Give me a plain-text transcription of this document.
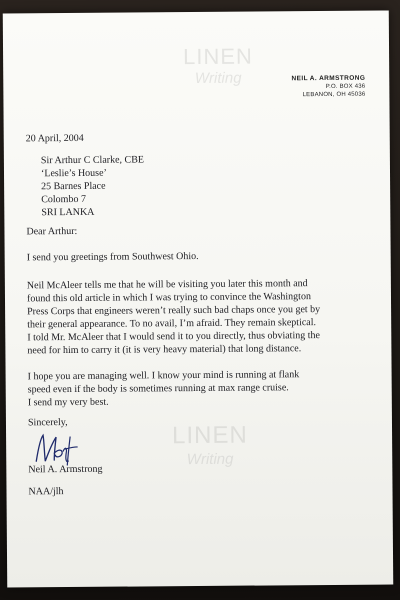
LINEN
Writing
LINEN
Writing
NEIL A. ARMSTRONG
P.O. BOX 436
LEBANON, OH 45036
20 April, 2004
Sir Arthur C Clarke, CBE
‘Leslie’s House’
25 Barnes Place
Colombo 7
SRI LANKA
Dear Arthur:
I send you greetings from Southwest Ohio.
Neil McAleer tells me that he will be visiting you later this month and
found this old article in which I was trying to convince the Washington
Press Corps that engineers weren’t really such bad chaps once you get by
their general appearance. To no avail, I’m afraid. They remain skeptical.
I told Mr. McAleer that I would send it to you directly, thus obviating the
need for him to carry it (it is very heavy material) that long distance.
I hope you are managing well. I know your mind is running at flank
speed even if the body is sometimes running at max range cruise.
I send my very best.
Sincerely,
Neil A. Armstrong
NAA/jlh
